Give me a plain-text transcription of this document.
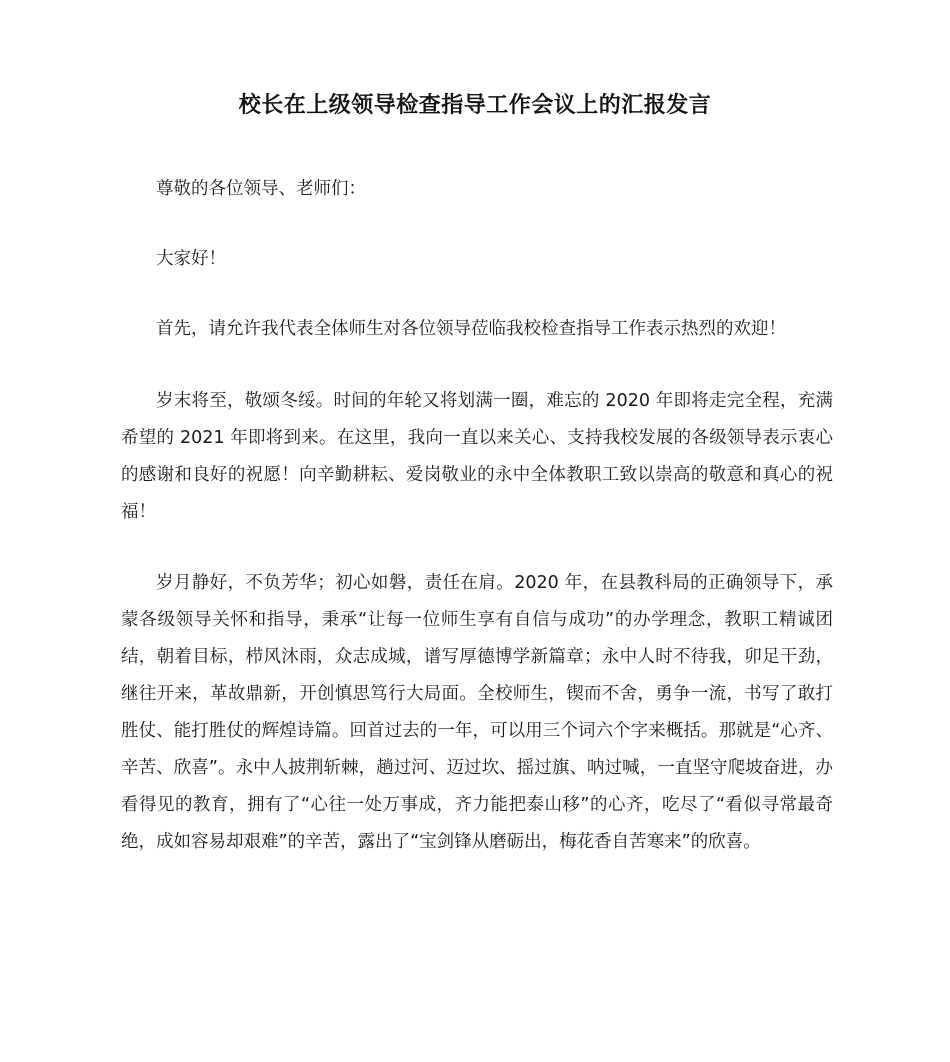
校长在上级领导检查指导工作会议上的汇报发言

尊敬的各位领导、老师们：

大家好！

首先，请允许我代表全体师生对各位领导莅临我校检查指导工作表示热烈的欢迎！

岁末将至，敬颂冬绥。时间的年轮又将划满一圈，难忘的 2020 年即将走完全程，充满希望的 2021 年即将到来。在这里，我向一直以来关心、支持我校发展的各级领导表示衷心的感谢和良好的祝愿！向辛勤耕耘、爱岗敬业的永中全体教职工致以崇高的敬意和真心的祝福！

岁月静好，不负芳华；初心如磐，责任在肩。2020 年，在县教科局的正确领导下，承蒙各级领导关怀和指导，秉承“让每一位师生享有自信与成功”的办学理念，教职工精诚团结，朝着目标，栉风沐雨，众志成城，谱写厚德博学新篇章；永中人时不待我，卯足干劲，继往开来，革故鼎新，开创慎思笃行大局面。全校师生，锲而不舍，勇争一流，书写了敢打胜仗、能打胜仗的辉煌诗篇。回首过去的一年，可以用三个词六个字来概括。那就是“心齐、辛苦、欣喜”。永中人披荆斩棘，趟过河、迈过坎、摇过旗、呐过喊，一直坚守爬坡奋进，办看得见的教育，拥有了“心往一处万事成，齐力能把泰山移”的心齐，吃尽了“看似寻常最奇绝，成如容易却艰难”的辛苦，露出了“宝剑锋从磨砺出，梅花香自苦寒来”的欣喜。
